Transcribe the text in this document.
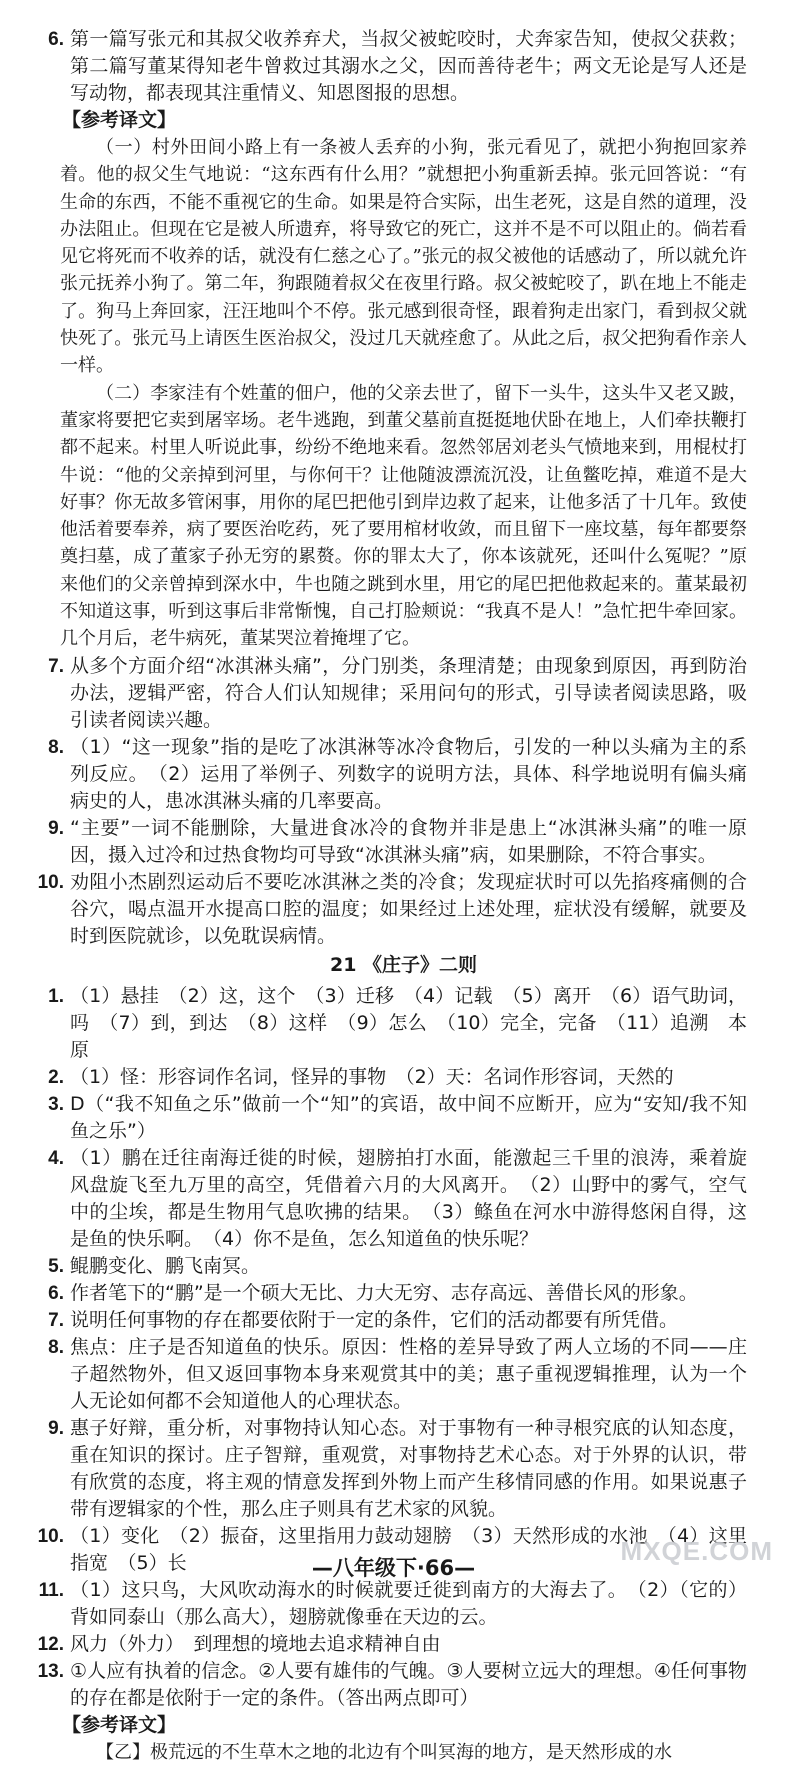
6. 第一篇写张元和其叔父收养弃犬，当叔父被蛇咬时，犬奔家告知，使叔父获救；第二篇写董某得知老牛曾救过其溺水之父，因而善待老牛；两文无论是写人还是写动物，都表现其注重情义、知恩图报的思想。
【参考译文】

（一）村外田间小路上有一条被人丢弃的小狗，张元看见了，就把小狗抱回家养着。他的叔父生气地说：“这东西有什么用？”就想把小狗重新丢掉。张元回答说：“有生命的东西，不能不重视它的生命。如果是符合实际，出生老死，这是自然的道理，没办法阻止。但现在它是被人所遗弃，将导致它的死亡，这并不是不可以阻止的。倘若看见它将死而不收养的话，就没有仁慈之心了。”张元的叔父被他的话感动了，所以就允许张元抚养小狗了。第二年，狗跟随着叔父在夜里行路。叔父被蛇咬了，趴在地上不能走了。狗马上奔回家，汪汪地叫个不停。张元感到很奇怪，跟着狗走出家门，看到叔父就快死了。张元马上请医生医治叔父，没过几天就痊愈了。从此之后，叔父把狗看作亲人一样。

（二）李家洼有个姓董的佃户，他的父亲去世了，留下一头牛，这头牛又老又跛，董家将要把它卖到屠宰场。老牛逃跑，到董父墓前直挺挺地伏卧在地上，人们牵扶鞭打都不起来。村里人听说此事，纷纷不绝地来看。忽然邻居刘老头气愤地来到，用棍杖打牛说：“他的父亲掉到河里，与你何干？让他随波漂流沉没，让鱼鳖吃掉，难道不是大好事？你无故多管闲事，用你的尾巴把他引到岸边救了起来，让他多活了十几年。致使他活着要奉养，病了要医治吃药，死了要用棺材收敛，而且留下一座坟墓，每年都要祭奠扫墓，成了董家子孙无穷的累赘。你的罪太大了，你本该就死，还叫什么冤呢？”原来他们的父亲曾掉到深水中，牛也随之跳到水里，用它的尾巴把他救起来的。董某最初不知道这事，听到这事后非常惭愧，自己打脸颊说：“我真不是人！”急忙把牛牵回家。几个月后，老牛病死，董某哭泣着掩埋了它。

7. 从多个方面介绍“冰淇淋头痛”，分门别类，条理清楚；由现象到原因，再到防治办法，逻辑严密，符合人们认知规律；采用问句的形式，引导读者阅读思路，吸引读者阅读兴趣。
8. （1）“这一现象”指的是吃了冰淇淋等冰冷食物后，引发的一种以头痛为主的系列反应。　（2）运用了举例子、列数字的说明方法，具体、科学地说明有偏头痛病史的人，患冰淇淋头痛的几率要高。
9. “主要”一词不能删除，大量进食冰冷的食物并非是患上“冰淇淋头痛”的唯一原因，摄入过冷和过热食物均可导致“冰淇淋头痛”病，如果删除，不符合事实。
10. 劝阻小杰剧烈运动后不要吃冰淇淋之类的冷食；发现症状时可以先掐疼痛侧的合谷穴，喝点温开水提高口腔的温度；如果经过上述处理，症状没有缓解，就要及时到医院就诊，以免耽误病情。
21 《庄子》二则
1. （1）悬挂　（2）这，这个　（3）迁移　（4）记载　（5）离开　（6）语气助词，吗　（7）到，到达　（8）这样　（9）怎么　（10）完全，完备　（11）追溯　本原
2. （1）怪：形容词作名词，怪异的事物　（2）天：名词作形容词，天然的
3. D（“我不知鱼之乐”做前一个“知”的宾语，故中间不应断开，应为“安知/我不知鱼之乐”）
4. （1）鹏在迁往南海迁徙的时候，翅膀拍打水面，能激起三千里的浪涛，乘着旋风盘旋飞至九万里的高空，凭借着六月的大风离开。　（2）山野中的雾气，空气中的尘埃，都是生物用气息吹拂的结果。　（3）鲦鱼在河水中游得悠闲自得，这是鱼的快乐啊。　（4）你不是鱼，怎么知道鱼的快乐呢？
5. 鲲鹏变化、鹏飞南冥。
6. 作者笔下的“鹏”是一个硕大无比、力大无穷、志存高远、善借长风的形象。
7. 说明任何事物的存在都要依附于一定的条件，它们的活动都要有所凭借。
8. 焦点：庄子是否知道鱼的快乐。原因：性格的差异导致了两人立场的不同——庄子超然物外，但又返回事物本身来观赏其中的美；惠子重视逻辑推理，认为一个人无论如何都不会知道他人的心理状态。
9. 惠子好辩，重分析，对事物持认知心态。对于事物有一种寻根究底的认知态度，重在知识的探讨。庄子智辩，重观赏，对事物持艺术心态。对于外界的认识，带有欣赏的态度，将主观的情意发挥到外物上而产生移情同感的作用。如果说惠子带有逻辑家的个性，那么庄子则具有艺术家的风貌。
10. （1）变化　（2）振奋，这里指用力鼓动翅膀　（3）天然形成的水池　（4）这里指宽　（5）长
11. （1）这只鸟，大风吹动海水的时候就要迁徙到南方的大海去了。　（2）（它的）背如同泰山（那么高大），翅膀就像垂在天边的云。
12. 风力（外力）　到理想的境地去追求精神自由
13. ①人应有执着的信念。②人要有雄伟的气魄。③人要树立远大的理想。④任何事物的存在都是依附于一定的条件。（答出两点即可）
【参考译文】

【乙】极荒远的不生草木之地的北边有个叫冥海的地方，是天然形成的水

MXQE.COM
—八年级下·66—
